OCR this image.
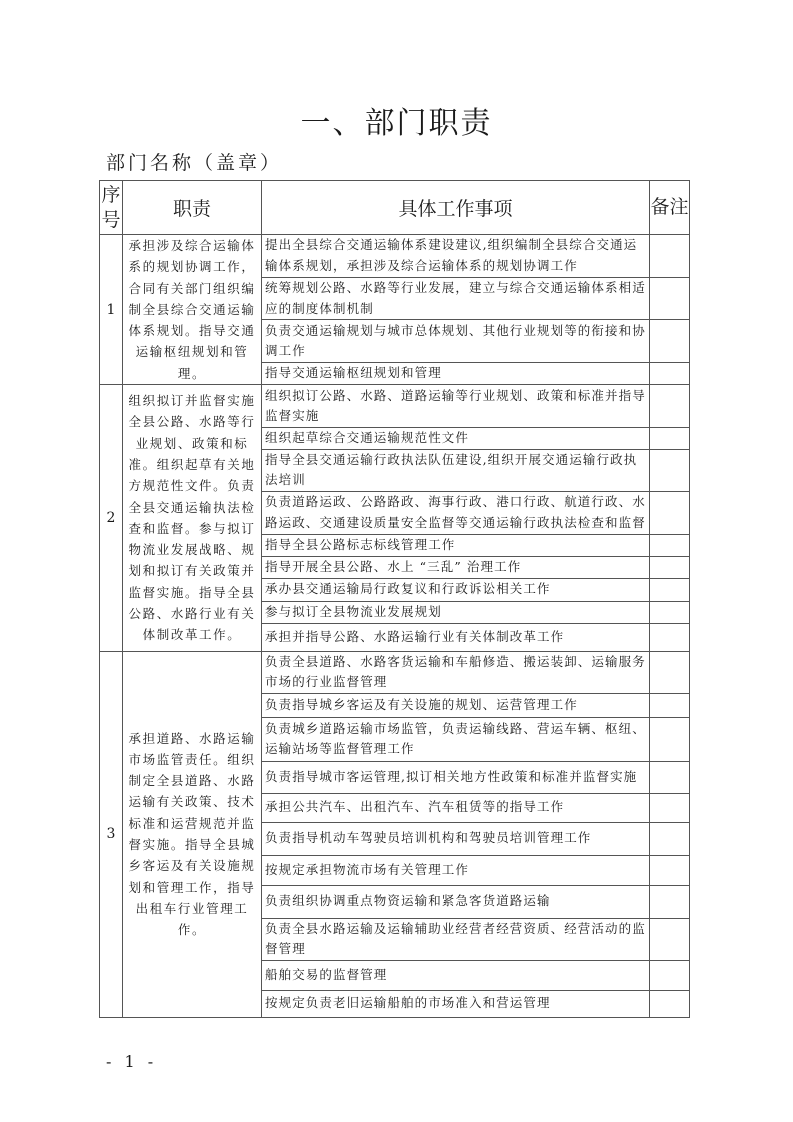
一、部门职责
部门名称（盖章）
序号	职责	具体工作事项	备注
1	承担涉及综合运输体系的规划协调工作，合同有关部门组织编制全县综合交通运输体系规划。指导交通运输枢纽规划和管理。	提出全县综合交通运输体系建设建议,组织编制全县综合交通运输体系规划，承担涉及综合运输体系的规划协调工作	
		统筹规划公路、水路等行业发展，建立与综合交通运输体系相适应的制度体制机制	
		负责交通运输规划与城市总体规划、其他行业规划等的衔接和协调工作	
		指导交通运输枢纽规划和管理	
2	组织拟订并监督实施全县公路、水路等行业规划、政策和标准。组织起草有关地方规范性文件。负责全县交通运输执法检查和监督。参与拟订物流业发展战略、规划和拟订有关政策并监督实施。指导全县公路、水路行业有关体制改革工作。	组织拟订公路、水路、道路运输等行业规划、政策和标准并指导监督实施	
		组织起草综合交通运输规范性文件	
		指导全县交通运输行政执法队伍建设,组织开展交通运输行政执法培训	
		负责道路运政、公路路政、海事行政、港口行政、航道行政、水路运政、交通建设质量安全监督等交通运输行政执法检查和监督	
		指导全县公路标志标线管理工作	
		指导开展全县公路、水上 “三乱” 治理工作	
		承办县交通运输局行政复议和行政诉讼相关工作	
		参与拟订全县物流业发展规划	
		承担并指导公路、水路运输行业有关体制改革工作	
3	承担道路、水路运输市场监管责任。组织制定全县道路、水路运输有关政策、技术标准和运营规范并监督实施。指导全县城乡客运及有关设施规划和管理工作，指导出租车行业管理工作。	负责全县道路、水路客货运输和车船修造、搬运装卸、运输服务市场的行业监督管理	
		负责指导城乡客运及有关设施的规划、运营管理工作	
		负责城乡道路运输市场监管，负责运输线路、营运车辆、枢纽、运输站场等监督管理工作	
		负责指导城市客运管理,拟订相关地方性政策和标准并监督实施	
		承担公共汽车、出租汽车、汽车租赁等的指导工作	
		负责指导机动车驾驶员培训机构和驾驶员培训管理工作	
		按规定承担物流市场有关管理工作	
		负责组织协调重点物资运输和紧急客货道路运输	
		负责全县水路运输及运输辅助业经营者经营资质、经营活动的监督管理	
		船舶交易的监督管理	
		按规定负责老旧运输船舶的市场准入和营运管理	
- 1 -
